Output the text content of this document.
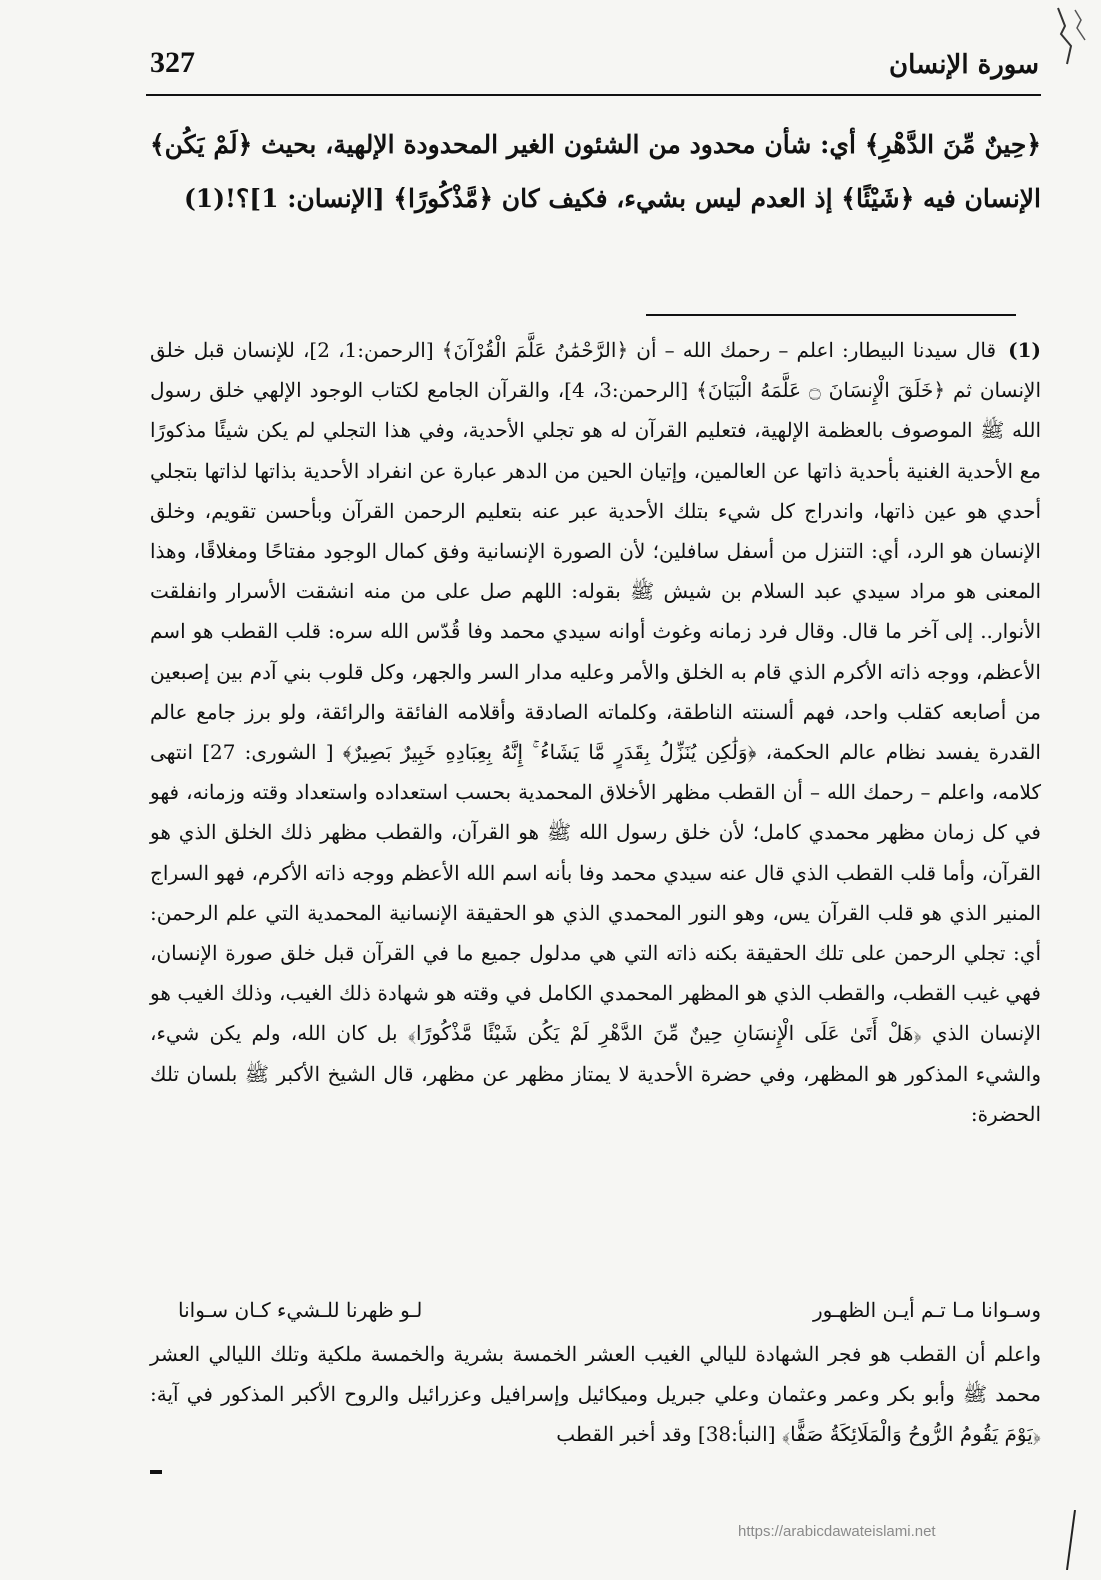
327	سورة الإنسان
﴿حِينٌ مِّنَ الدَّهْرِ﴾ أي: شأن محدود من الشئون الغير المحدودة الإلهية، بحيث ﴿لَمْ يَكُن﴾ الإنسان فيه ﴿شَيْئًا﴾ إذ العدم ليس بشيء، فكيف كان ﴿مَّذْكُورًا﴾ [الإنسان: 1]؟!(1)

(1) قال سيدنا البيطار: اعلم – رحمك الله – أن ﴿الرَّحْمَٰنُ عَلَّمَ الْقُرْآنَ﴾ [الرحمن:1، 2]، للإنسان قبل خلق الإنسان ثم ﴿خَلَقَ الْإِنسَانَ ۝ عَلَّمَهُ الْبَيَانَ﴾ [الرحمن:3، 4]، والقرآن الجامع لكتاب الوجود الإلهي خلق رسول الله ﷺ الموصوف بالعظمة الإلهية، فتعليم القرآن له هو تجلي الأحدية، وفي هذا التجلي لم يكن شيئًا مذكورًا مع الأحدية الغنية بأحدية ذاتها عن العالمين، وإتيان الحين من الدهر عبارة عن انفراد الأحدية بذاتها لذاتها بتجلي أحدي هو عين ذاتها، واندراج كل شيء بتلك الأحدية عبر عنه بتعليم الرحمن القرآن وبأحسن تقويم، وخلق الإنسان هو الرد، أي: التنزل من أسفل سافلين؛ لأن الصورة الإنسانية وفق كمال الوجود مفتاحًا ومغلاقًا، وهذا المعنى هو مراد سيدي عبد السلام بن شيش ﷺ بقوله: اللهم صل على من منه انشقت الأسرار وانفلقت الأنوار.. إلى آخر ما قال. وقال فرد زمانه وغوث أوانه سيدي محمد وفا قُدّس الله سره: قلب القطب هو اسم الأعظم، ووجه ذاته الأكرم الذي قام به الخلق والأمر وعليه مدار السر والجهر، وكل قلوب بني آدم بين إصبعين من أصابعه كقلب واحد، فهم ألسنته الناطقة، وكلماته الصادقة وأقلامه الفائقة والرائقة، ولو برز جامع عالم القدرة يفسد نظام عالم الحكمة، ﴿وَلَٰكِن يُنَزِّلُ بِقَدَرٍ مَّا يَشَاءُ ۚ إِنَّهُ بِعِبَادِهِ خَبِيرٌ بَصِيرٌ﴾ [ الشورى: 27] انتهى كلامه، واعلم – رحمك الله – أن القطب مظهر الأخلاق المحمدية بحسب استعداده واستعداد وقته وزمانه، فهو في كل زمان مظهر محمدي كامل؛ لأن خلق رسول الله ﷺ هو القرآن، والقطب مظهر ذلك الخلق الذي هو القرآن، وأما قلب القطب الذي قال عنه سيدي محمد وفا بأنه اسم الله الأعظم ووجه ذاته الأكرم، فهو السراج المنير الذي هو قلب القرآن يس، وهو النور المحمدي الذي هو الحقيقة الإنسانية المحمدية التي علم الرحمن: أي: تجلي الرحمن على تلك الحقيقة بكنه ذاته التي هي مدلول جميع ما في القرآن قبل خلق صورة الإنسان، فهي غيب القطب، والقطب الذي هو المظهر المحمدي الكامل في وقته هو شهادة ذلك الغيب، وذلك الغيب هو الإنسان الذي ﴿هَلْ أَتَىٰ عَلَى الْإِنسَانِ حِينٌ مِّنَ الدَّهْرِ لَمْ يَكُن شَيْئًا مَّذْكُورًا﴾ بل كان الله، ولم يكن شيء، والشيء المذكور هو المظهر، وفي حضرة الأحدية لا يمتاز مظهر عن مظهر، قال الشيخ الأكبر ﷺ بلسان تلك الحضرة:

وسـوانا مـا تـم أيـن الظهـور
لـو ظهرنا للـشيء كـان سـوانا

واعلم أن القطب هو فجر الشهادة لليالي الغيب العشر الخمسة بشرية والخمسة ملكية وتلك الليالي العشر محمد ﷺ وأبو بكر وعمر وعثمان وعلي جبريل وميكائيل وإسرافيل وعزرائيل والروح الأكبر المذكور في آية: ﴿يَوْمَ يَقُومُ الرُّوحُ وَالْمَلَائِكَةُ صَفًّا﴾ [النبأ:38] وقد أخبر القطب

https://arabicdawateislami.net
